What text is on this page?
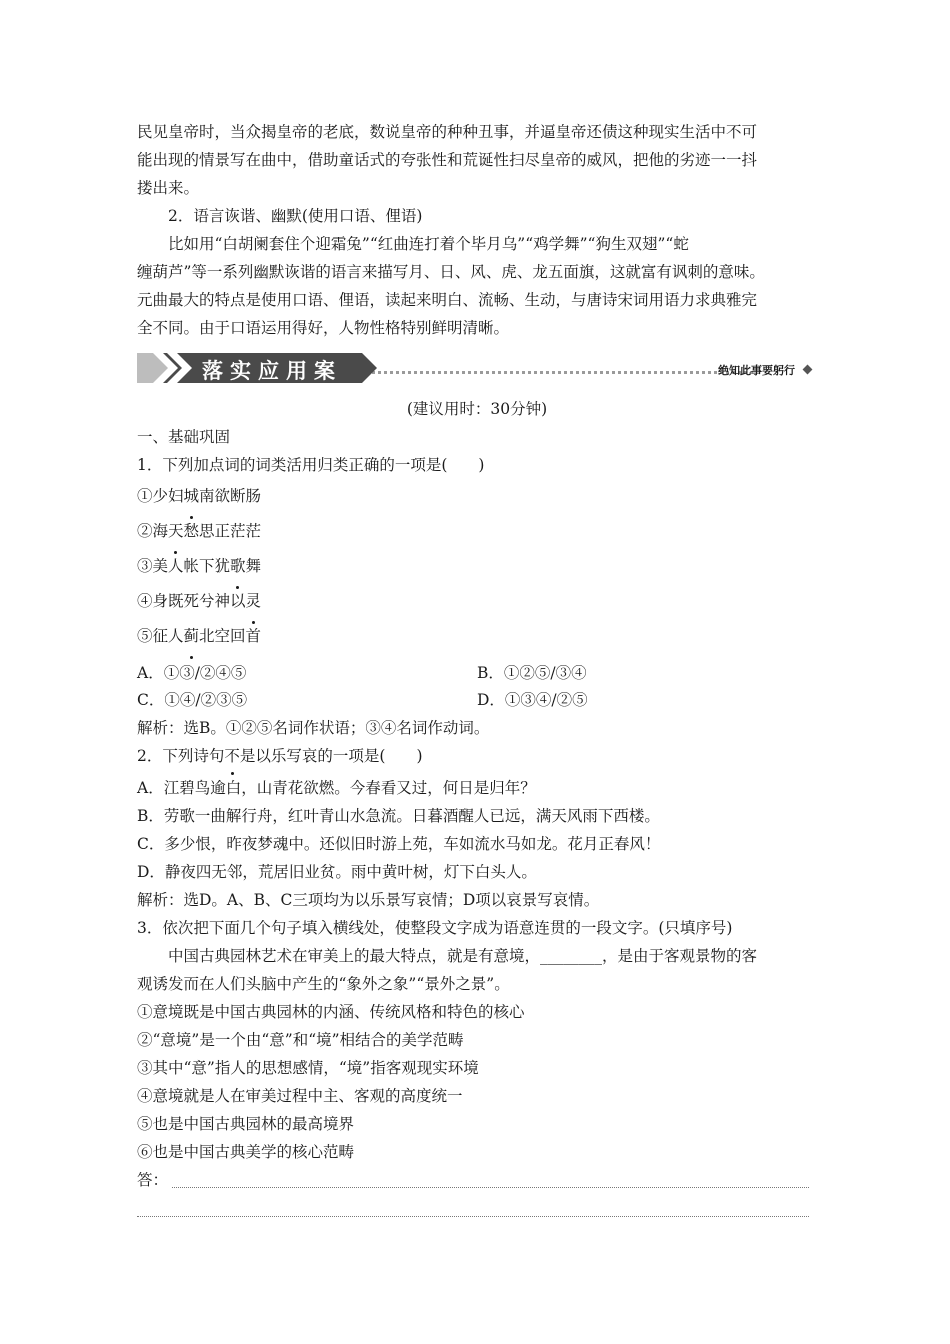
民见皇帝时，当众揭皇帝的老底，数说皇帝的种种丑事，并逼皇帝还债这种现实生活中不可

能出现的情景写在曲中，借助童话式的夸张性和荒诞性扫尽皇帝的威风，把他的劣迹一一抖

搂出来。

2．语言诙谐、幽默(使用口语、俚语)

比如用“白胡阑套住个迎霜兔”“红曲连打着个毕月乌”“鸡学舞”“狗生双翅”“蛇

缠葫芦”等一系列幽默诙谐的语言来描写月、日、风、虎、龙五面旗，这就富有讽刺的意味。

元曲最大的特点是使用口语、俚语，读起来明白、流畅、生动，与唐诗宋词用语力求典雅完

全不同。由于口语运用得好，人物性格特别鲜明清晰。

落实应用案	绝知此事要躬行

(建议用时：30分钟)

一、基础巩固

1．下列加点词的词类活用归类正确的一项是(　　)

①少妇城南欲断肠

②海天愁思正茫茫

③美人帐下犹歌舞

④身既死兮神以灵

⑤征人蓟北空回首

A．①③/②④⑤	B．①②⑤/③④
C．①④/②③⑤	D．①③④/②⑤

解析：选B。①②⑤名词作状语；③④名词作动词。

2．下列诗句不是以乐写哀的一项是(　　)

A．江碧鸟逾白，山青花欲燃。今春看又过，何日是归年？

B．劳歌一曲解行舟，红叶青山水急流。日暮酒醒人已远，满天风雨下西楼。

C．多少恨，昨夜梦魂中。还似旧时游上苑，车如流水马如龙。花月正春风！

D．静夜四无邻，荒居旧业贫。雨中黄叶树，灯下白头人。

解析：选D。A、B、C三项均为以乐景写哀情；D项以哀景写哀情。

3．依次把下面几个句子填入横线处，使整段文字成为语意连贯的一段文字。(只填序号)

中国古典园林艺术在审美上的最大特点，就是有意境，________，是由于客观景物的客

观诱发而在人们头脑中产生的“象外之象”“景外之景”。

①意境既是中国古典园林的内涵、传统风格和特色的核心

②“意境”是一个由“意”和“境”相结合的美学范畴

③其中“意”指人的思想感情，“境”指客观现实环境

④意境就是人在审美过程中主、客观的高度统一

⑤也是中国古典园林的最高境界

⑥也是中国古典美学的核心范畴

答：
